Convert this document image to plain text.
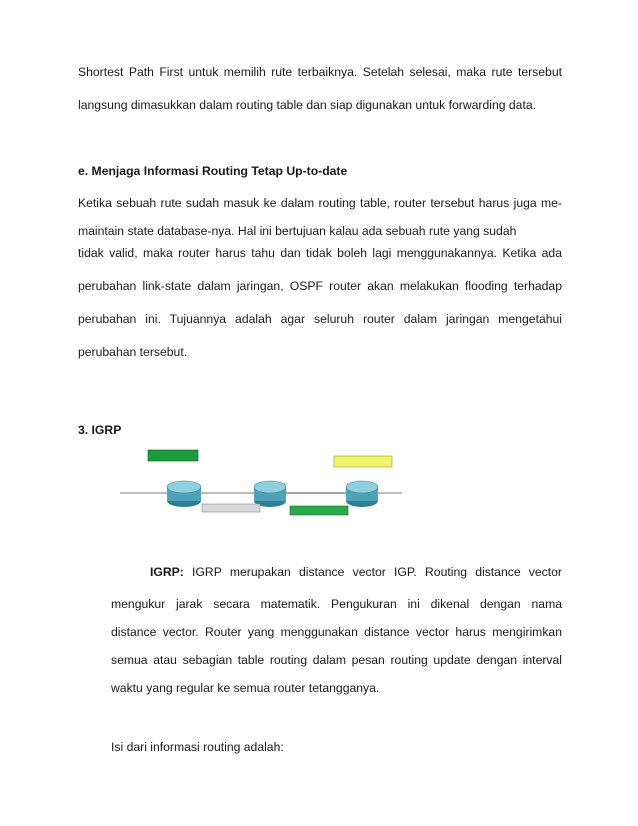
Shortest Path First untuk memilih rute terbaiknya. Setelah selesai, maka rute tersebut

langsung dimasukkan dalam routing table dan siap digunakan untuk forwarding data.

e. Menjaga Informasi Routing Tetap Up-to-date

Ketika sebuah rute sudah masuk ke dalam routing table, router tersebut harus juga me-

maintain state database-nya. Hal ini bertujuan kalau ada sebuah rute yang sudah

tidak valid, maka router harus tahu dan tidak boleh lagi menggunakannya. Ketika ada

perubahan link-state dalam jaringan, OSPF router akan melakukan flooding terhadap

perubahan ini. Tujuannya adalah agar seluruh router dalam jaringan mengetahui

perubahan tersebut.

3. IGRP

IGRP: IGRP merupakan distance vector IGP. Routing distance vector

mengukur jarak secara matematik. Pengukuran ini dikenal dengan nama

distance vector. Router yang menggunakan distance vector harus mengirimkan

semua atau sebagian table routing dalam pesan routing update dengan interval

waktu yang regular ke semua router tetangganya.

Isi dari informasi routing adalah:
